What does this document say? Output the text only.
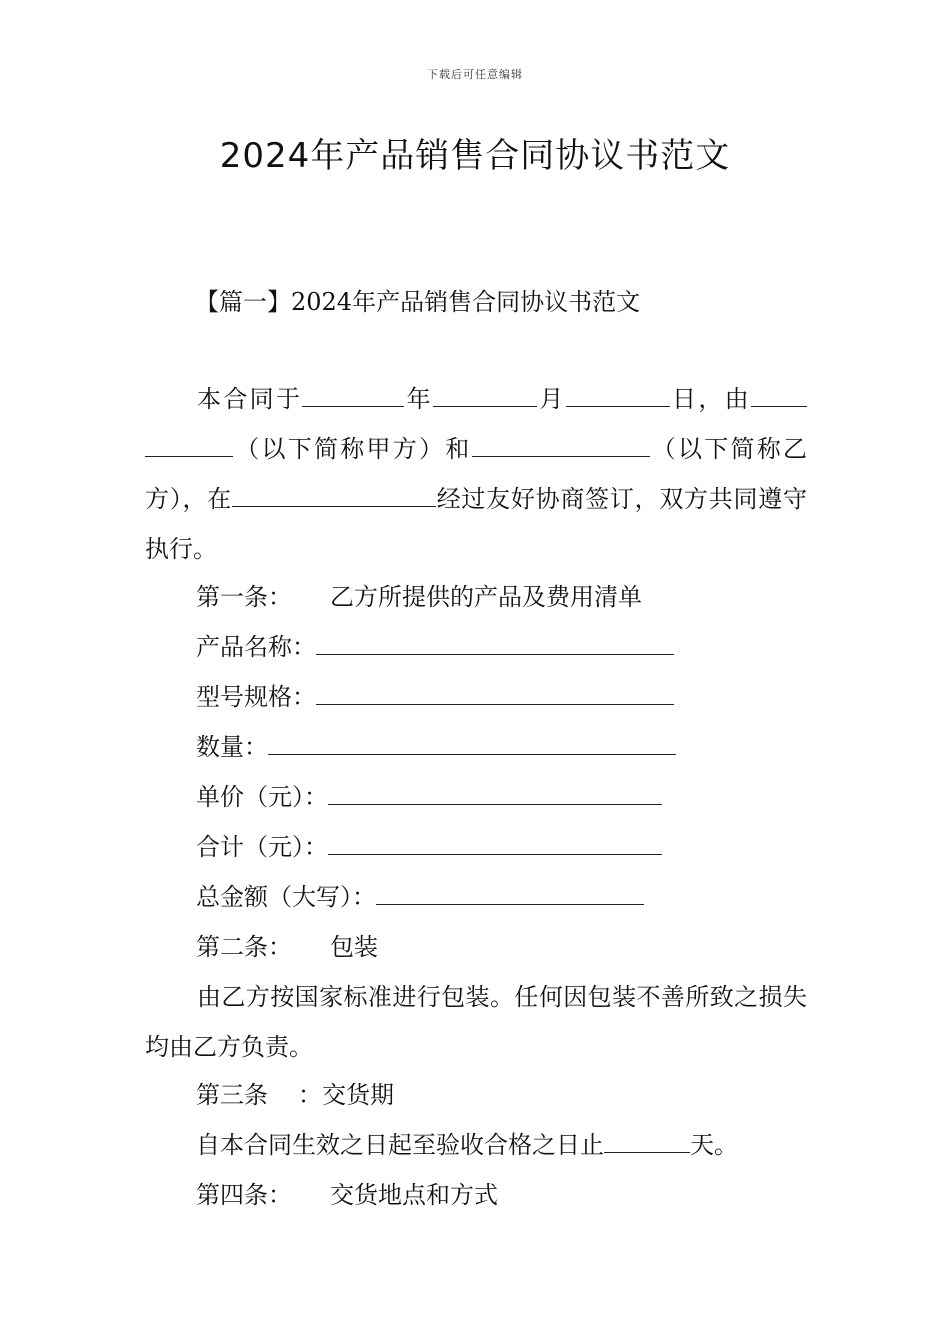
下载后可任意编辑
2024年产品销售合同协议书范文
【篇一】2024年产品销售合同协议书范文

本合同于	年	月	日，由（以下简称甲方）和	（以下简称乙方），在	经过友好协商签订，双方共同遵守执行。

第一条： 乙方所提供的产品及费用清单
产品名称：
型号规格：
数量：
单价（元）：
合计（元）：
总金额（大写）：
第二条： 包装

由乙方按国家标准进行包装。任何因包装不善所致之损失均由乙方负责。

第三条 ：交货期
自本合同生效之日起至验收合格之日止	天。
第四条： 交货地点和方式
